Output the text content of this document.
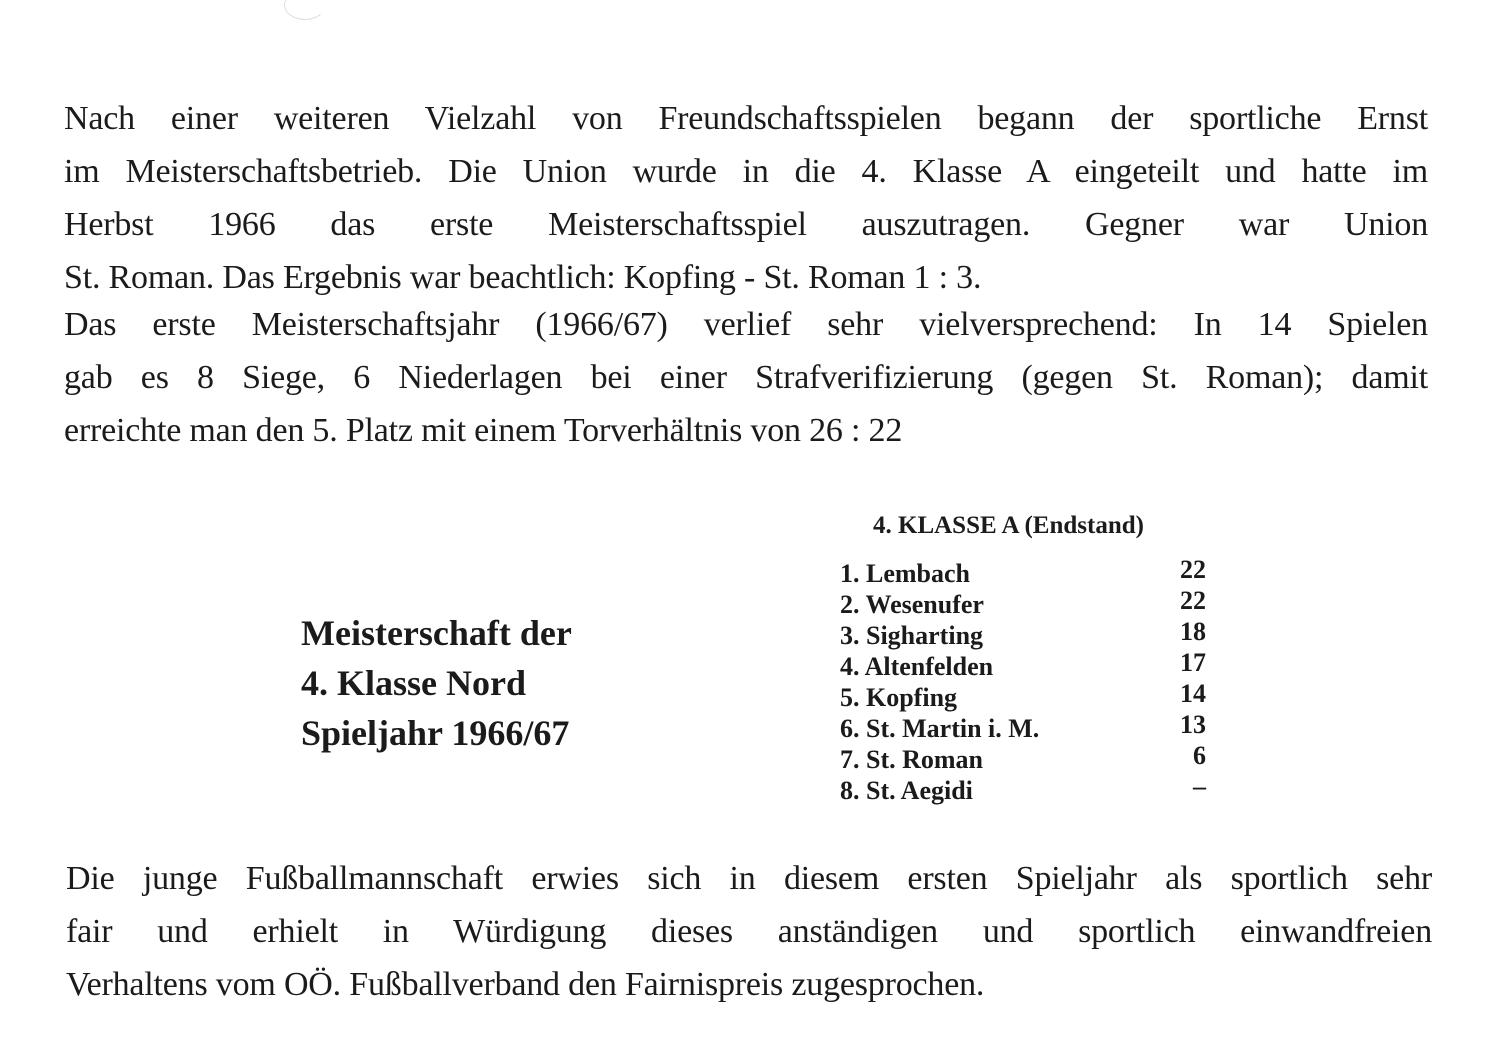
Nach einer weiteren Vielzahl von Freundschaftsspielen begann der sportliche Ernst
im Meisterschaftsbetrieb. Die Union wurde in die 4. Klasse A eingeteilt und hatte im
Herbst 1966 das erste Meisterschaftsspiel auszutragen. Gegner war Union
St. Roman. Das Ergebnis war beachtlich: Kopfing - St. Roman 1 : 3.

Das erste Meisterschaftsjahr (1966/67) verlief sehr vielversprechend: In 14 Spielen
gab es 8 Siege, 6 Niederlagen bei einer Strafverifizierung (gegen St. Roman); damit
erreichte man den 5. Platz mit einem Torverhältnis von 26 : 22

Meisterschaft der
4. Klasse Nord
Spieljahr 1966/67
4. KLASSE A (Endstand)
1. Lembach	22
2. Wesenufer	22
3. Sigharting	18
4. Altenfelden	17
5. Kopfing	14
6. St. Martin i. M.	13
7. St. Roman	6
8. St. Aegidi	–

Die junge Fußballmannschaft erwies sich in diesem ersten Spieljahr als sportlich sehr
fair und erhielt in Würdigung dieses anständigen und sportlich einwandfreien
Verhaltens vom OÖ. Fußballverband den Fairnispreis zugesprochen.
